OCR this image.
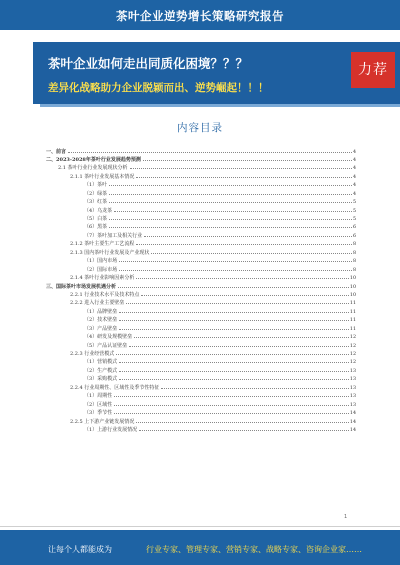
茶叶企业逆势增长策略研究报告
茶叶企业如何走出同质化困境？？？
差异化战略助力企业脱颖而出、逆势崛起！！！
力荐
内容目录
一、前言	4
二、2023-2028年茶叶行业发展趋势预测	4
2.1 茶叶行业行业发展现状分析	4
2.1.1 茶叶行业发展基本情况	4
（1）茶叶	4
（2）绿茶	4
（3）红茶	5
（4）乌龙茶	5
（5）白茶	5
（6）黑茶	6
（7）茶叶加工及相关行业	6
2.1.2 茶叶主要生产工艺流程	8
2.1.3 国内茶叶行业发展及产业现状	8
（1）国内市场	8
（2）国际市场	8
2.1.4 茶叶行业影响因素分析	10
三、国际茶叶市场发展机遇分析	10
2.2.1 行业技术水平及技术特点	10
2.2.2 进入行业主要壁垒	11
（1）品牌壁垒	11
（2）技术壁垒	11
（3）产品壁垒	11
（4）研发及规模壁垒	12
（5）产品认证壁垒	12
2.2.3 行业经营模式	12
（1）营销模式	12
（2）生产模式	13
（3）采购模式	13
2.2.4 行业周期性、区域性及季节性特征	13
（1）周期性	13
（2）区域性	13
（3）季节性	14
2.2.5 上下游产业链发展情况	14
（1）上游行业发展情况	14
1
让每个人都能成为	行业专家、管理专家、营销专家、战略专家、咨询企业家……
